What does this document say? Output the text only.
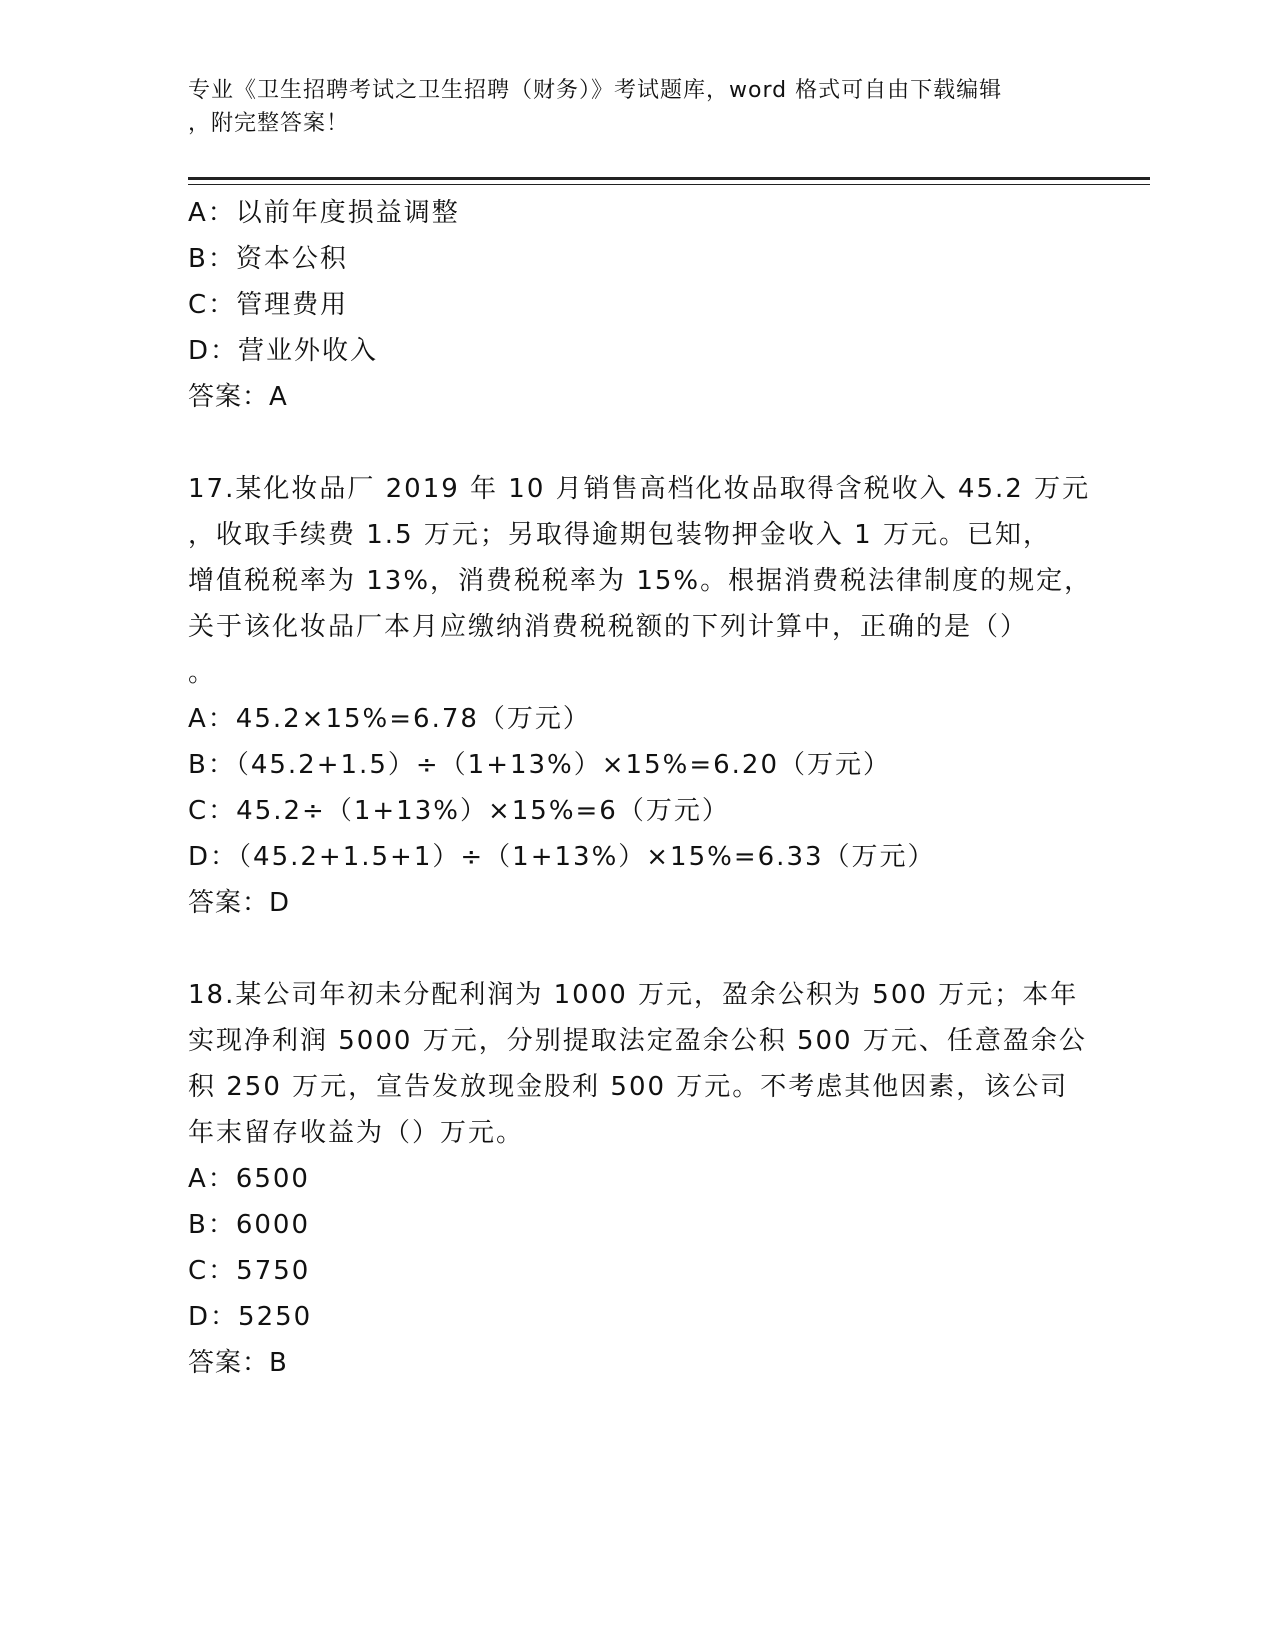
专业《卫生招聘考试之卫生招聘（财务）》考试题库，word 格式可自由下载编辑
，附完整答案！
A：以前年度损益调整
B：资本公积
C：管理费用
D：营业外收入
答案：A
17.某化妆品厂 2019 年 10 月销售高档化妆品取得含税收入 45.2 万元
，收取手续费 1.5 万元；另取得逾期包装物押金收入 1 万元。已知，
增值税税率为 13%，消费税税率为 15%。根据消费税法律制度的规定，
关于该化妆品厂本月应缴纳消费税税额的下列计算中，正确的是（）
。
A：45.2×15%=6.78（万元）
B：（45.2+1.5）÷（1+13%）×15%=6.20（万元）
C：45.2÷（1+13%）×15%=6（万元）
D：（45.2+1.5+1）÷（1+13%）×15%=6.33（万元）
答案：D
18.某公司年初未分配利润为 1000 万元，盈余公积为 500 万元；本年
实现净利润 5000 万元，分别提取法定盈余公积 500 万元、任意盈余公
积 250 万元，宣告发放现金股利 500 万元。不考虑其他因素，该公司
年末留存收益为（）万元。
A：6500
B：6000
C：5750
D：5250
答案：B
